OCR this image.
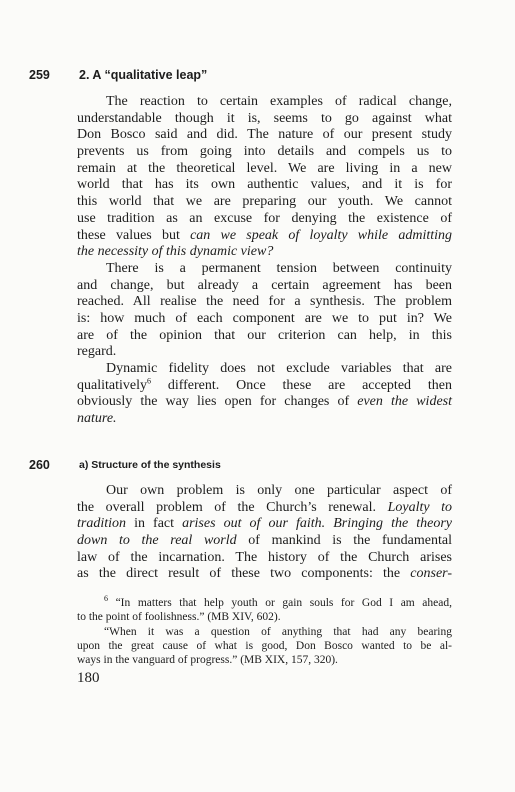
259	2. A “qualitative leap”
The reaction to certain examples of radical change,
understandable though it is, seems to go against what
Don Bosco said and did. The nature of our present study
prevents us from going into details and compels us to
remain at the theoretical level. We are living in a new
world that has its own authentic values, and it is for
this world that we are preparing our youth. We cannot
use tradition as an excuse for denying the existence of
these values but can we speak of loyalty while admitting
the necessity of this dynamic view?
There is a permanent tension between continuity
and change, but already a certain agreement has been
reached. All realise the need for a synthesis. The problem
is: how much of each component are we to put in? We
are of the opinion that our criterion can help, in this
regard.
Dynamic fidelity does not exclude variables that are
qualitatively$^6$ different. Once these are accepted then
obviously the way lies open for changes of even the widest
nature.
260	a) Structure of the synthesis
Our own problem is only one particular aspect of
the overall problem of the Church’s renewal. Loyalty to
tradition in fact arises out of our faith. Bringing the theory
down to the real world of mankind is the fundamental
law of the incarnation. The history of the Church arises
as the direct result of these two components: the conser-
$^6$ “In matters that help youth or gain souls for God I am ahead,
to the point of foolishness.” (MB XIV, 602).
“When it was a question of anything that had any bearing
upon the great cause of what is good, Don Bosco wanted to be al-
ways in the vanguard of progress.” (MB XIX, 157, 320).
180
